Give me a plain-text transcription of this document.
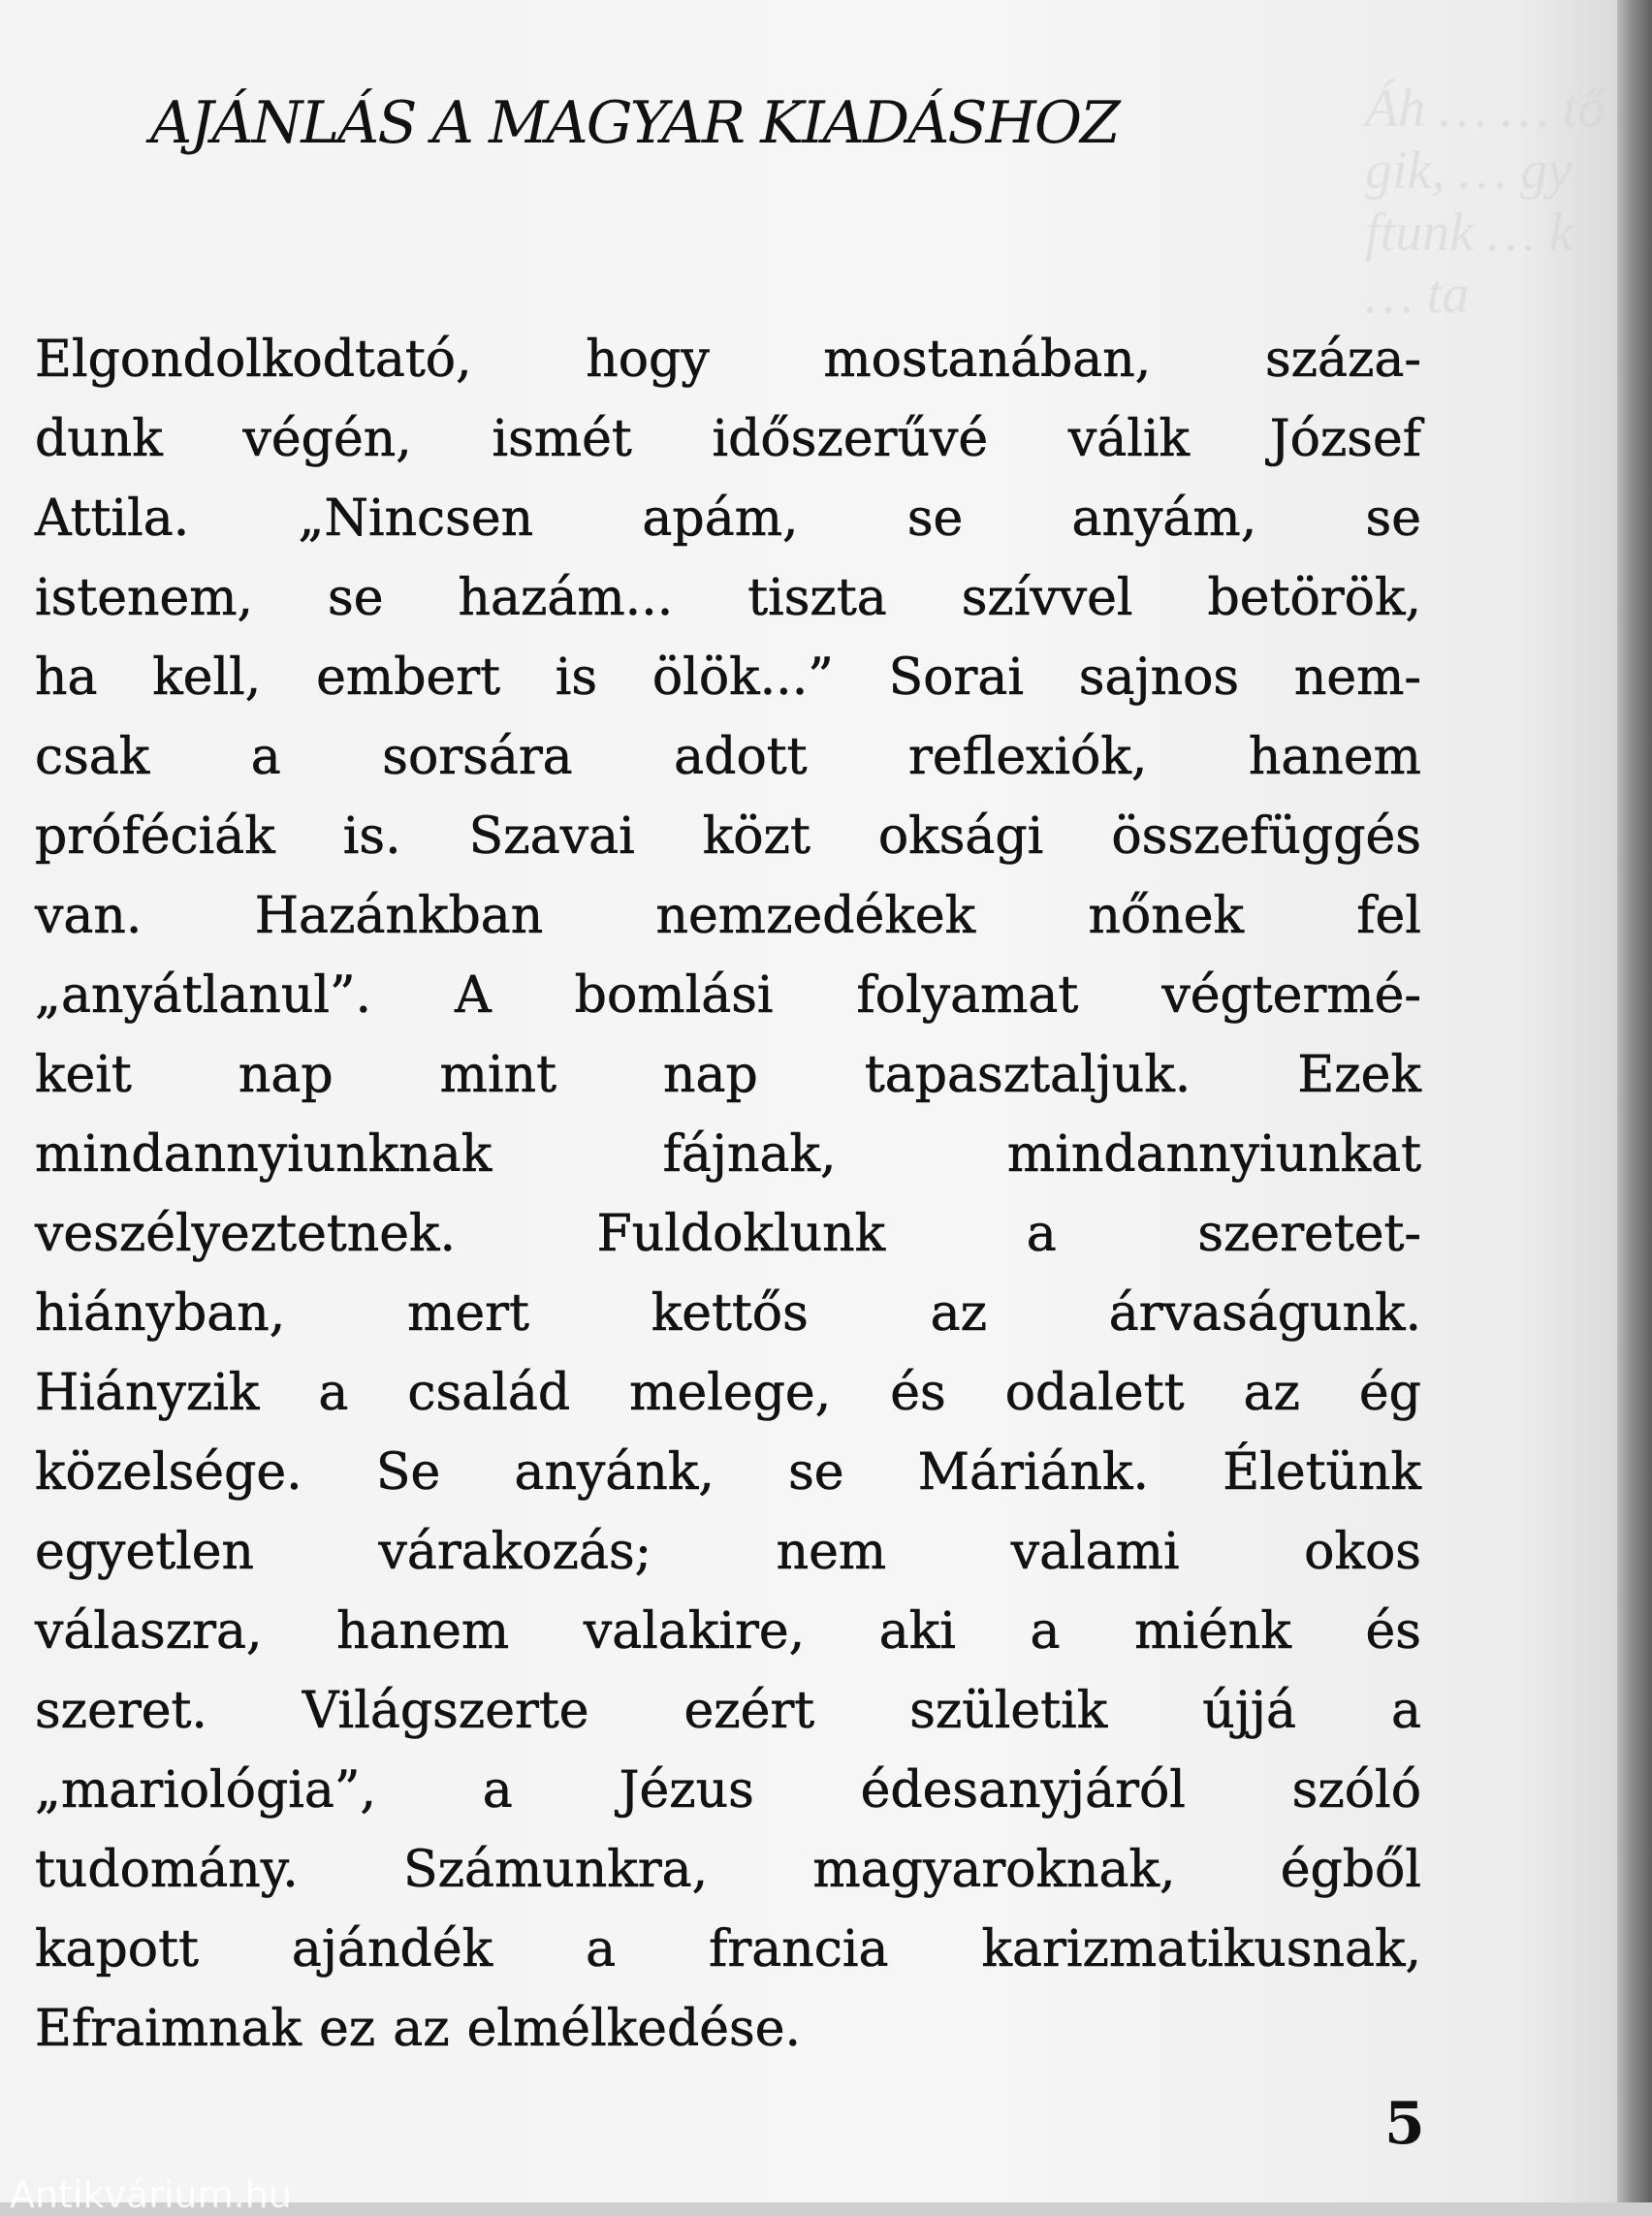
Áh … … tő
gik, … gy
ftunk … k
… ta
AJÁNLÁS A MAGYAR KIADÁSHOZ
Elgondolkodtató, hogy mostanában, száza-
dunk végén, ismét időszerűvé válik József
Attila. „Nincsen apám, se anyám, se
istenem, se hazám... tiszta szívvel betörök,
ha kell, embert is ölök...” Sorai sajnos nem-
csak a sorsára adott reflexiók, hanem
próféciák is. Szavai közt oksági összefüggés
van. Hazánkban nemzedékek nőnek fel
„anyátlanul”. A bomlási folyamat végtermé-
keit nap mint nap tapasztaljuk. Ezek
mindannyiunknak	fájnak,	mindannyiunkat
veszélyeztetnek.	Fuldoklunk	a	szeretet-
hiányban, mert kettős az árvaságunk.
Hiányzik a család melege, és odalett az ég
közelsége. Se anyánk, se Máriánk. Életünk
egyetlen várakozás; nem valami okos
válaszra, hanem valakire, aki a miénk és
szeret. Világszerte ezért születik újjá a
„mariológia”, a Jézus édesanyjáról szóló
tudomány. Számunkra, magyaroknak, égből
kapott ajándék a francia karizmatikusnak,
Efraimnak ez az elmélkedése.
5
Antikvárium.hu
